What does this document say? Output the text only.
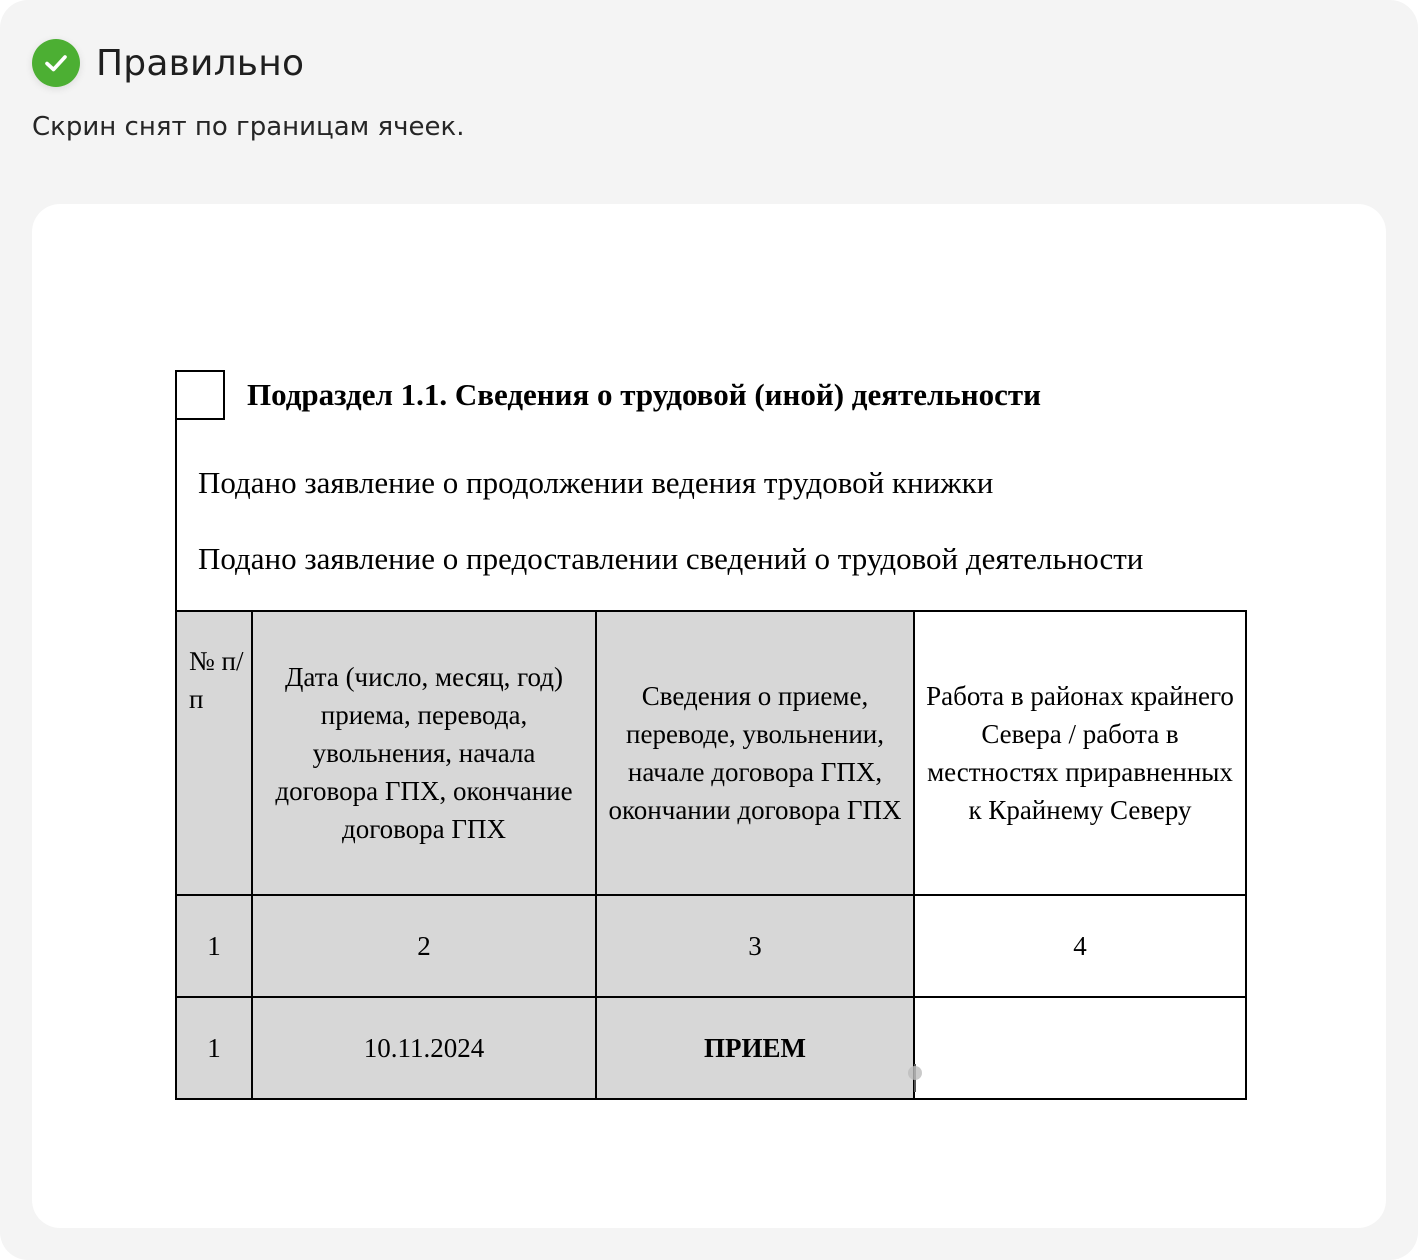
Правильно
Скрин снят по границам ячеек.
Подраздел 1.1. Сведения о трудовой (иной) деятельности
Подано заявление о продолжении ведения трудовой книжки
Подано заявление о предоставлении сведений о трудовой деятельности
№ п/п	Дата (число, месяц, год) приема, перевода, увольнения, начала договора ГПХ, окончание договора ГПХ	Сведения о приеме, переводе, увольнении, начале договора ГПХ, окончании договора ГПХ	Работа в районах крайнего Севера / работа в местностях приравненных к Крайнему Северу
1	2	3	4
1	10.11.2024	ПРИЕМ	
